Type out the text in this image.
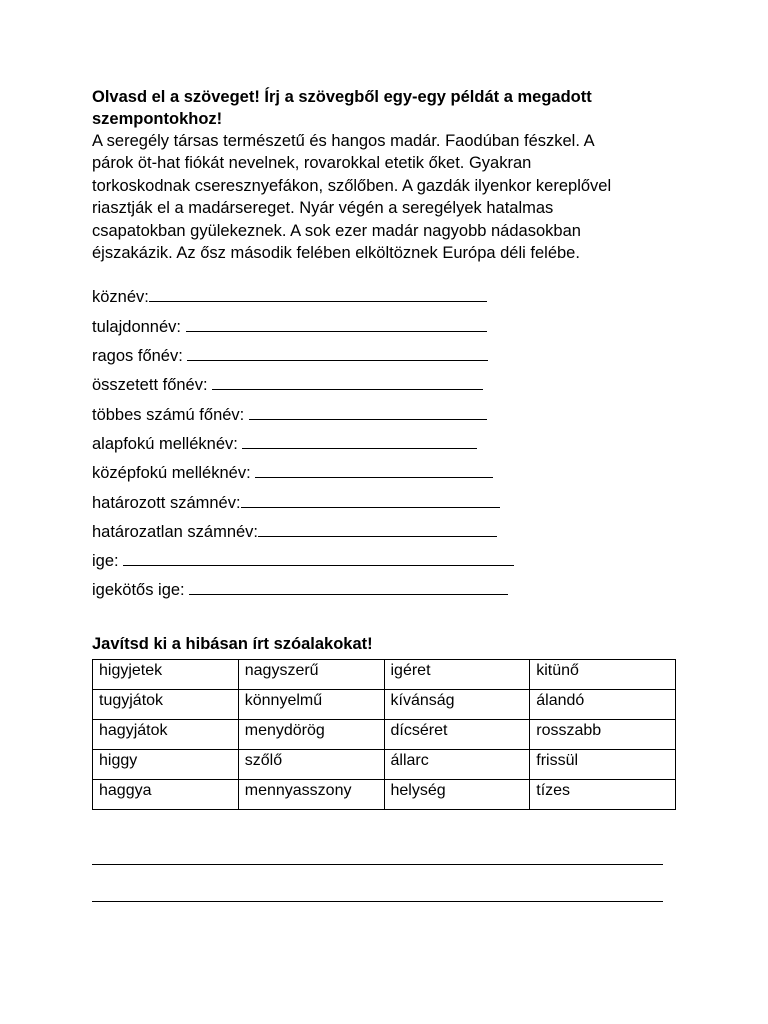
Olvasd el a szöveget! Írj a szövegből egy-egy példát a megadott
szempontokhoz!

A seregély társas természetű és hangos madár. Faodúban fészkel. A
párok öt-hat fiókát nevelnek, rovarokkal etetik őket. Gyakran
torkoskodnak cseresznyefákon, szőlőben. A gazdák ilyenkor kereplővel
riasztják el a madársereget. Nyár végén a seregélyek hatalmas
csapatokban gyülekeznek. A sok ezer madár nagyobb nádasokban
éjszakázik. Az ősz második felében elköltöznek Európa déli felébe.

köznév:
tulajdonnév:
ragos főnév:
összetett főnév:
többes számú főnév:
alapfokú melléknév:
középfokú melléknév:
határozott számnév:
határozatlan számnév:
ige:
igekötős ige:

Javítsd ki a hibásan írt szóalakokat!

higyjetek	nagyszerű	igéret	kitünő
tugyjátok	könnyelmű	kívánság	álandó
hagyjátok	menydörög	dícséret	rosszabb
higgy	szőlő	állarc	frissül
haggya	mennyasszony	helység	tízes
